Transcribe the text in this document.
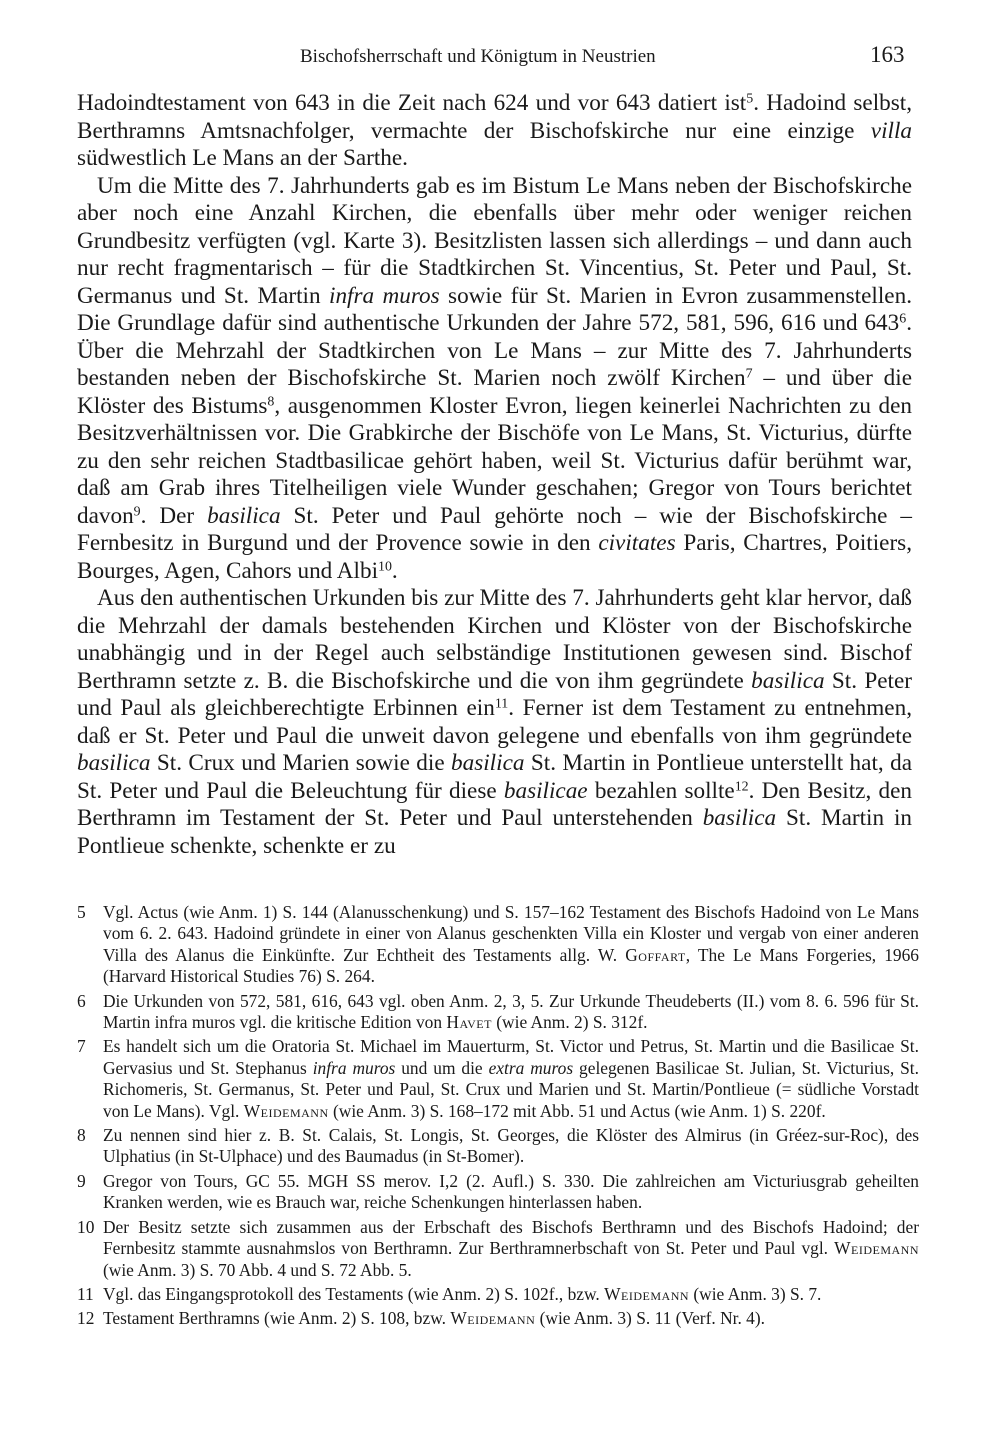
Bischofsherrschaft und Königtum in Neustrien	163

Hadoindtestament von 643 in die Zeit nach 624 und vor 643 datiert ist$^5$. Hadoind selbst, Berthramns Amtsnachfolger, vermachte der Bischofskirche nur eine einzige villa südwestlich Le Mans an der Sarthe.

Um die Mitte des 7. Jahrhunderts gab es im Bistum Le Mans neben der Bischofskirche aber noch eine Anzahl Kirchen, die ebenfalls über mehr oder weniger reichen Grundbesitz verfügten (vgl. Karte 3). Besitzlisten lassen sich allerdings – und dann auch nur recht fragmentarisch – für die Stadtkirchen St. Vincentius, St. Peter und Paul, St. Germanus und St. Martin infra muros sowie für St. Marien in Evron zusammenstellen. Die Grundlage dafür sind authentische Urkunden der Jahre 572, 581, 596, 616 und $643^6$. Über die Mehrzahl der Stadtkirchen von Le Mans – zur Mitte des 7. Jahrhunderts bestanden neben der Bischofskirche St. Marien noch zwölf Kirchen$^7$ – und über die Klöster des Bistums$^8$, ausgenommen Kloster Evron, liegen keinerlei Nachrichten zu den Besitzverhältnissen vor. Die Grabkirche der Bischöfe von Le Mans, St. Victurius, dürfte zu den sehr reichen Stadtbasilicae gehört haben, weil St. Victurius dafür berühmt war, daß am Grab ihres Titelheiligen viele Wunder geschahen; Gregor von Tours berichtet davon$^9$. Der basilica St. Peter und Paul gehörte noch – wie der Bischofskirche – Fernbesitz in Burgund und der Provence sowie in den civitates Paris, Chartres, Poitiers, Bourges, Agen, Cahors und Albi$^{10}$.

Aus den authentischen Urkunden bis zur Mitte des 7. Jahrhunderts geht klar hervor, daß die Mehrzahl der damals bestehenden Kirchen und Klöster von der Bischofskirche unabhängig und in der Regel auch selbständige Institutionen gewesen sind. Bischof Berthramn setzte z. B. die Bischofskirche und die von ihm gegründete basilica St. Peter und Paul als gleichberechtigte Erbinnen ein$^{11}$. Ferner ist dem Testament zu entnehmen, daß er St. Peter und Paul die unweit davon gelegene und ebenfalls von ihm gegründete basilica St. Crux und Marien sowie die basilica St. Martin in Pontlieue unterstellt hat, da St. Peter und Paul die Beleuchtung für diese basilicae bezahlen sollte$^{12}$. Den Besitz, den Berthramn im Testament der St. Peter und Paul unterstehenden basilica St. Martin in Pontlieue schenkte, schenkte er zu

5 Vgl. Actus (wie Anm. 1) S. 144 (Alanusschenkung) und S. 157–162 Testament des Bischofs Hadoind von Le Mans vom 6. 2. 643. Hadoind gründete in einer von Alanus geschenkten Villa ein Kloster und vergab von einer anderen Villa des Alanus die Einkünfte. Zur Echtheit des Testaments allg. W. Goffart, The Le Mans Forgeries, 1966 (Harvard Historical Studies 76) S. 264.
6 Die Urkunden von 572, 581, 616, 643 vgl. oben Anm. 2, 3, 5. Zur Urkunde Theudeberts (II.) vom 8. 6. 596 für St. Martin infra muros vgl. die kritische Edition von Havet (wie Anm. 2) S. 312f.
7 Es handelt sich um die Oratoria St. Michael im Mauerturm, St. Victor und Petrus, St. Martin und die Basilicae St. Gervasius und St. Stephanus infra muros und um die extra muros gelegenen Basilicae St. Julian, St. Victurius, St. Richomeris, St. Germanus, St. Peter und Paul, St. Crux und Marien und St. Martin/Pontlieue (= südliche Vorstadt von Le Mans). Vgl. Weidemann (wie Anm. 3) S. 168–172 mit Abb. 51 und Actus (wie Anm. 1) S. 220f.
8 Zu nennen sind hier z. B. St. Calais, St. Longis, St. Georges, die Klöster des Almirus (in Gréez-sur-Roc), des Ulphatius (in St-Ulphace) und des Baumadus (in St-Bomer).
9 Gregor von Tours, GC 55. MGH SS merov. I,2 (2. Aufl.) S. 330. Die zahlreichen am Victuriusgrab geheilten Kranken werden, wie es Brauch war, reiche Schenkungen hinterlassen haben.
10 Der Besitz setzte sich zusammen aus der Erbschaft des Bischofs Berthramn und des Bischofs Hadoind; der Fernbesitz stammte ausnahmslos von Berthramn. Zur Berthramnerbschaft von St. Peter und Paul vgl. Weidemann (wie Anm. 3) S. 70 Abb. 4 und S. 72 Abb. 5.
11 Vgl. das Eingangsprotokoll des Testaments (wie Anm. 2) S. 102f., bzw. Weidemann (wie Anm. 3) S. 7.
12 Testament Berthramns (wie Anm. 2) S. 108, bzw. Weidemann (wie Anm. 3) S. 11 (Verf. Nr. 4).
